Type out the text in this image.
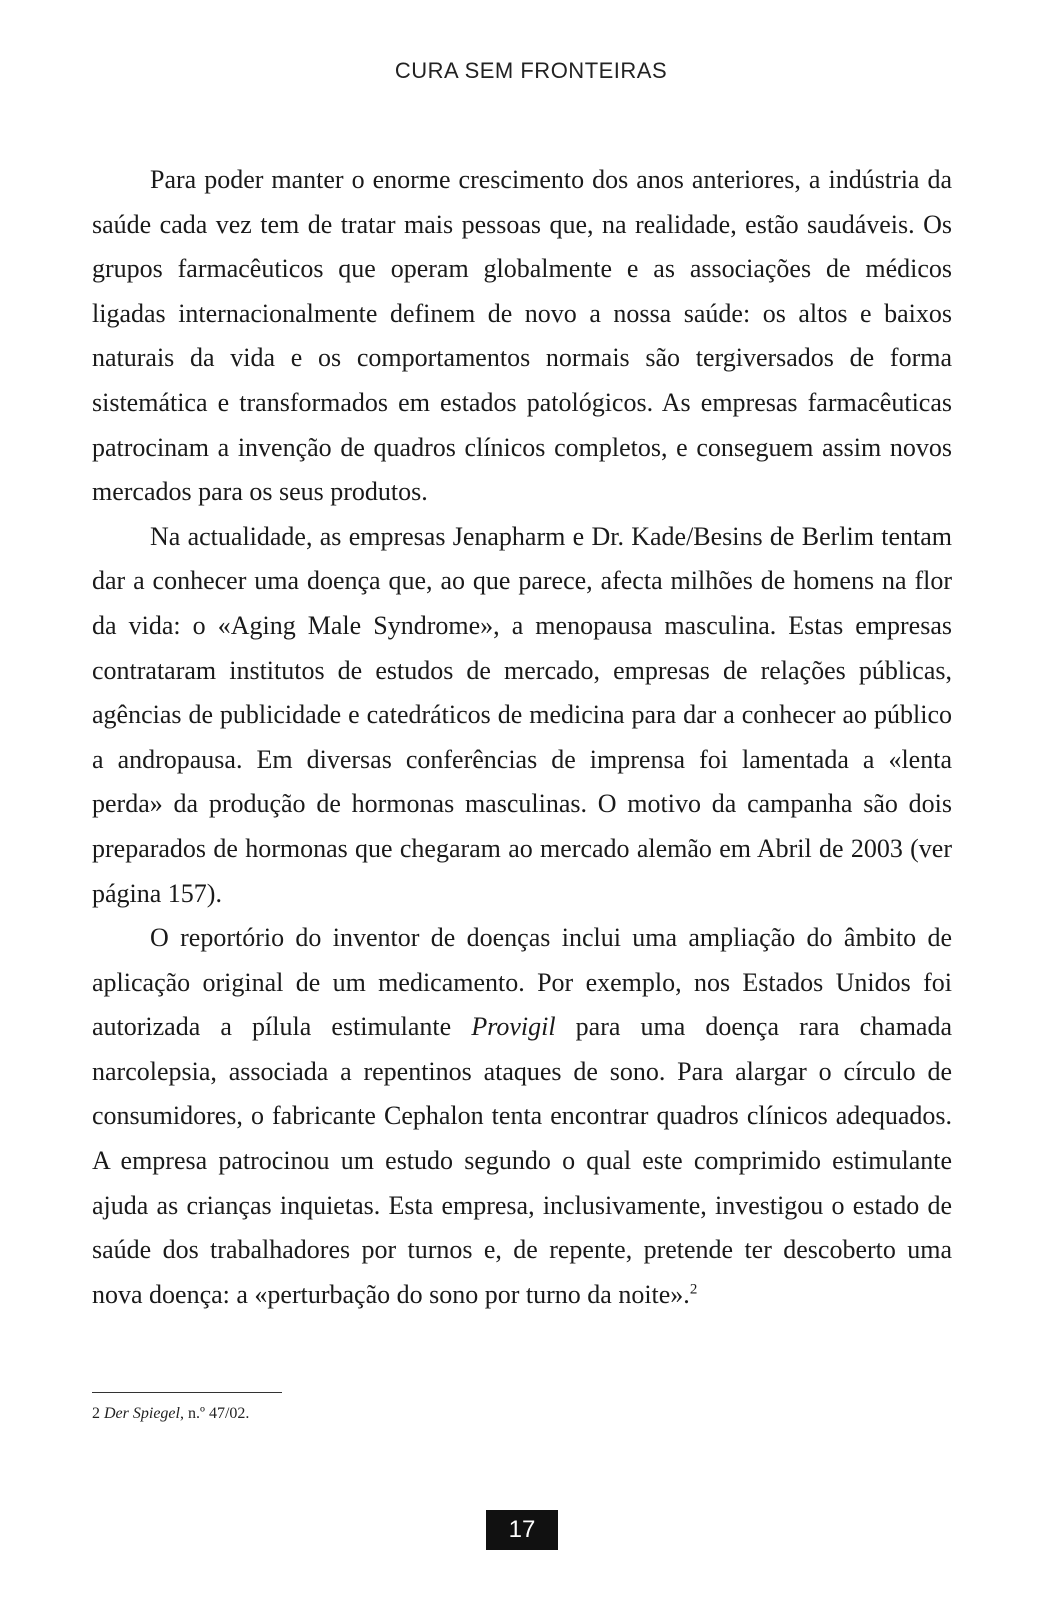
CURA SEM FRONTEIRAS

Para poder manter o enorme crescimento dos anos anteriores, a indústria da saúde cada vez tem de tratar mais pessoas que, na realidade, estão saudáveis. Os grupos farmacêuticos que operam globalmente e as associações de médicos ligadas internacionalmente definem de novo a nossa saúde: os altos e baixos naturais da vida e os comportamentos normais são tergiversados de forma sistemática e transformados em estados patológicos. As empresas farmacêuticas patrocinam a invenção de quadros clínicos completos, e conseguem assim novos mercados para os seus produtos.

Na actualidade, as empresas Jenapharm e Dr. Kade/Besins de Berlim tentam dar a conhecer uma doença que, ao que parece, afecta milhões de homens na flor da vida: o «Aging Male Syndrome», a menopausa masculina. Estas empresas contrataram institutos de estudos de mercado, empresas de relações públicas, agências de publicidade e catedráticos de medicina para dar a conhecer ao público a andropausa. Em diversas conferências de imprensa foi lamentada a «lenta perda» da produção de hormonas masculinas. O motivo da campanha são dois preparados de hormonas que chegaram ao mercado alemão em Abril de 2003 (ver página 157).

O reportório do inventor de doenças inclui uma ampliação do âmbito de aplicação original de um medicamento. Por exemplo, nos Estados Unidos foi autorizada a pílula estimulante Provigil para uma doença rara chamada narcolepsia, associada a repentinos ataques de sono. Para alargar o círculo de consumidores, o fabricante Cephalon tenta encontrar quadros clínicos adequados. A empresa patrocinou um estudo segundo o qual este comprimido estimulante ajuda as crianças inquietas. Esta empresa, inclusivamente, investigou o estado de saúde dos trabalhadores por turnos e, de repente, pretende ter descoberto uma nova doença: a «perturbação do sono por turno da noite».$^2$

2 Der Spiegel, n.º 47/02.
17
